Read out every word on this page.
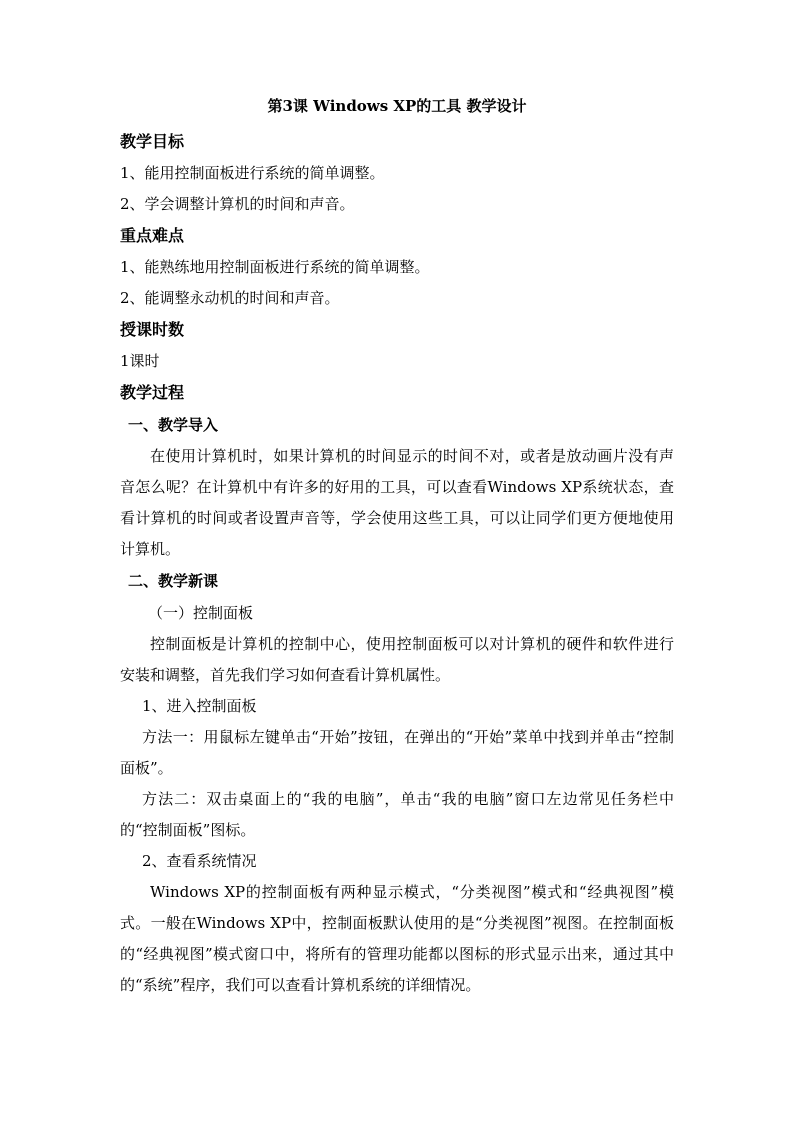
第3课 Windows XP的工具 教学设计

教学目标

1、能用控制面板进行系统的简单调整。

2、学会调整计算机的时间和声音。

重点难点

1、能熟练地用控制面板进行系统的简单调整。

2、能调整永动机的时间和声音。

授课时数

1课时

教学过程

一、教学导入

在使用计算机时，如果计算机的时间显示的时间不对，或者是放动画片没有声音怎么呢？在计算机中有许多的好用的工具，可以查看Windows XP系统状态，查看计算机的时间或者设置声音等，学会使用这些工具，可以让同学们更方便地使用计算机。

二、教学新课

（一）控制面板

控制面板是计算机的控制中心，使用控制面板可以对计算机的硬件和软件进行安装和调整，首先我们学习如何查看计算机属性。

1、进入控制面板

方法一：用鼠标左键单击“开始”按钮，在弹出的“开始”菜单中找到并单击“控制面板”。

方法二：双击桌面上的“我的电脑”，单击“我的电脑”窗口左边常见任务栏中的“控制面板”图标。

2、查看系统情况

Windows XP的控制面板有两种显示模式，“分类视图”模式和“经典视图”模式。一般在Windows XP中，控制面板默认使用的是“分类视图”视图。在控制面板的“经典视图”模式窗口中，将所有的管理功能都以图标的形式显示出来，通过其中的“系统”程序，我们可以查看计算机系统的详细情况。
